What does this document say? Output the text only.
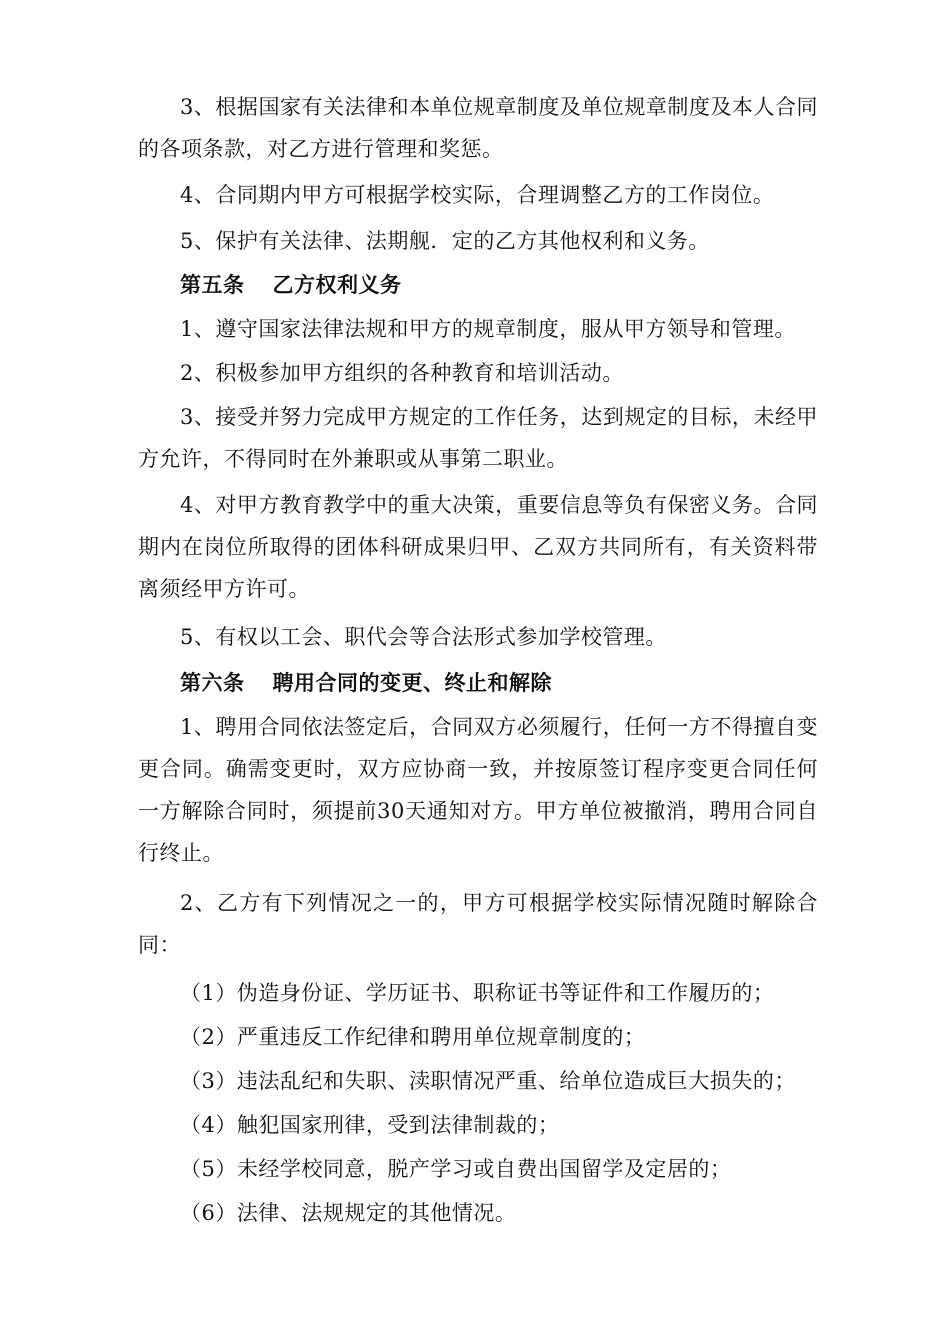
3、根据国家有关法律和本单位规章制度及单位规章制度及本人合同的各项条款，对乙方进行管理和奖惩。

4、合同期内甲方可根据学校实际，合理调整乙方的工作岗位。

5、保护有关法律、法期舰．定的乙方其他权利和义务。

第五条 乙方权利义务

1、遵守国家法律法规和甲方的规章制度，服从甲方领导和管理。

2、积极参加甲方组织的各种教育和培训活动。

3、接受并努力完成甲方规定的工作任务，达到规定的目标，未经甲方允许，不得同时在外兼职或从事第二职业。

4、对甲方教育教学中的重大决策，重要信息等负有保密义务。合同期内在岗位所取得的团体科研成果归甲、乙双方共同所有，有关资料带离须经甲方许可。

5、有权以工会、职代会等合法形式参加学校管理。

第六条 聘用合同的变更、终止和解除

1、聘用合同依法签定后，合同双方必须履行，任何一方不得擅自变更合同。确需变更时，双方应协商一致，并按原签订程序变更合同任何一方解除合同时，须提前30天通知对方。甲方单位被撤消，聘用合同自行终止。

2、乙方有下列情况之一的，甲方可根据学校实际情况随时解除合同：

（1）伪造身份证、学历证书、职称证书等证件和工作履历的；

（2）严重违反工作纪律和聘用单位规章制度的；

（3）违法乱纪和失职、渎职情况严重、给单位造成巨大损失的；

（4）触犯国家刑律，受到法律制裁的；

（5）未经学校同意，脱产学习或自费出国留学及定居的；

（6）法律、法规规定的其他情况。
